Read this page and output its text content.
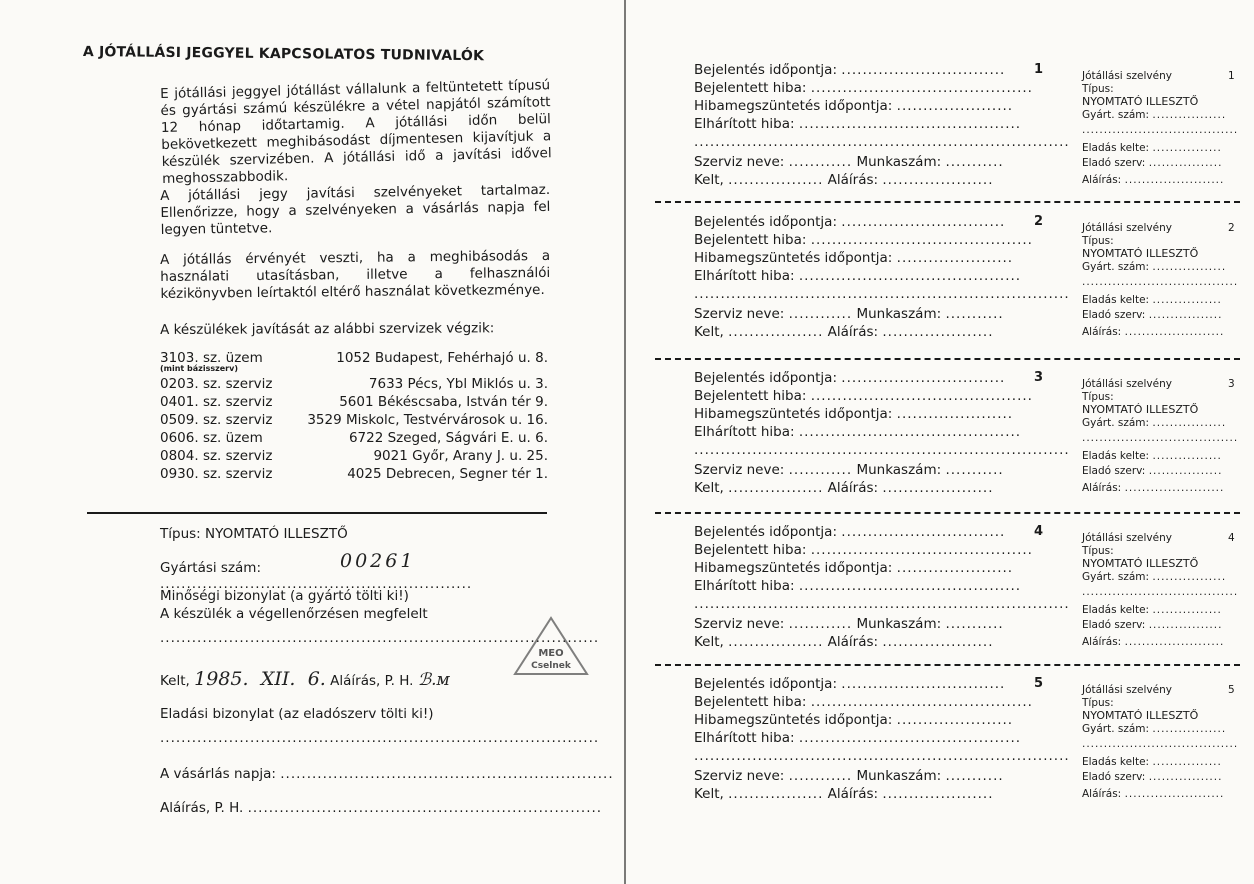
A JÓTÁLLÁSI JEGGYEL KAPCSOLATOS TUDNIVALÓK
E jótállási jeggyel jótállást vállalunk a feltüntetett típusú és gyártási számú készülékre a vétel napjától számított 12 hónap időtartamig. A jótállási időn belül bekövetkezett meghibásodást díjmentesen kijavítjuk a készülék szervizében. A jótállási idő a javítási idővel meghosszabbodik.
A jótállási jegy javítási szelvényeket tartalmaz. Ellenőrizze, hogy a szelvényeken a vásárlás napja fel legyen tüntetve.
A jótállás érvényét veszti, ha a meghibásodás a használati utasításban, illetve a felhasználói kézikönyvben leírtaktól eltérő használat következménye.
A készülékek javítását az alábbi szervizek végzik:
3103. sz. üzem	1052 Budapest, Fehérhajó u. 8.
(mint bázisszerv)
0203. sz. szerviz	7633 Pécs, Ybl Miklós u. 3.
0401. sz. szerviz	5601 Békéscsaba, István tér 9.
0509. sz. szerviz	3529 Miskolc, Testvérvárosok u. 16.
0606. sz. üzem	6722 Szeged, Ságvári E. u. 6.
0804. sz. szerviz	9021 Győr, Arany J. u. 25.
0930. sz. szerviz	4025 Debrecen, Segner tér 1.
Típus: NYOMTATÓ ILLESZTŐ
Gyártási szám: ...........................................................
00261
Minőségi bizonylat (a gyártó tölti ki!)
A készülék a végellenőrzésen megfelelt
...................................................................................
Kelt, 1985. XII. 6. Aláírás, P. H. ℬ.ᴍ
MEO
Cselnek
Eladási bizonylat (az eladószerv tölti ki!)
...................................................................................
A vásárlás napja: ...............................................................
Aláírás, P. H. ...................................................................
Bejelentés időpontja: ...............................
Bejelentett hiba: ..........................................
Hibamegszüntetés időpontja: ......................
Elhárított hiba: ..........................................
.......................................................................
Szerviz neve: ............ Munkaszám: ...........
Kelt, .................. Aláírás: .....................
1	Jótállási szelvény	1
Típus:
NYOMTATÓ ILLESZTŐ
Gyárt. szám: .................
....................................
Eladás kelte: ................
Eladó szerv: .................
Aláírás: .......................
Bejelentés időpontja: ...............................
Bejelentett hiba: ..........................................
Hibamegszüntetés időpontja: ......................
Elhárított hiba: ..........................................
.......................................................................
Szerviz neve: ............ Munkaszám: ...........
Kelt, .................. Aláírás: .....................
2	Jótállási szelvény	2
Típus:
NYOMTATÓ ILLESZTŐ
Gyárt. szám: .................
....................................
Eladás kelte: ................
Eladó szerv: .................
Aláírás: .......................
Bejelentés időpontja: ...............................
Bejelentett hiba: ..........................................
Hibamegszüntetés időpontja: ......................
Elhárított hiba: ..........................................
.......................................................................
Szerviz neve: ............ Munkaszám: ...........
Kelt, .................. Aláírás: .....................
3	Jótállási szelvény	3
Típus:
NYOMTATÓ ILLESZTŐ
Gyárt. szám: .................
....................................
Eladás kelte: ................
Eladó szerv: .................
Aláírás: .......................
Bejelentés időpontja: ...............................
Bejelentett hiba: ..........................................
Hibamegszüntetés időpontja: ......................
Elhárított hiba: ..........................................
.......................................................................
Szerviz neve: ............ Munkaszám: ...........
Kelt, .................. Aláírás: .....................
4	Jótállási szelvény	4
Típus:
NYOMTATÓ ILLESZTŐ
Gyárt. szám: .................
....................................
Eladás kelte: ................
Eladó szerv: .................
Aláírás: .......................
Bejelentés időpontja: ...............................
Bejelentett hiba: ..........................................
Hibamegszüntetés időpontja: ......................
Elhárított hiba: ..........................................
.......................................................................
Szerviz neve: ............ Munkaszám: ...........
Kelt, .................. Aláírás: .....................
5	Jótállási szelvény	5
Típus:
NYOMTATÓ ILLESZTŐ
Gyárt. szám: .................
....................................
Eladás kelte: ................
Eladó szerv: .................
Aláírás: .......................
